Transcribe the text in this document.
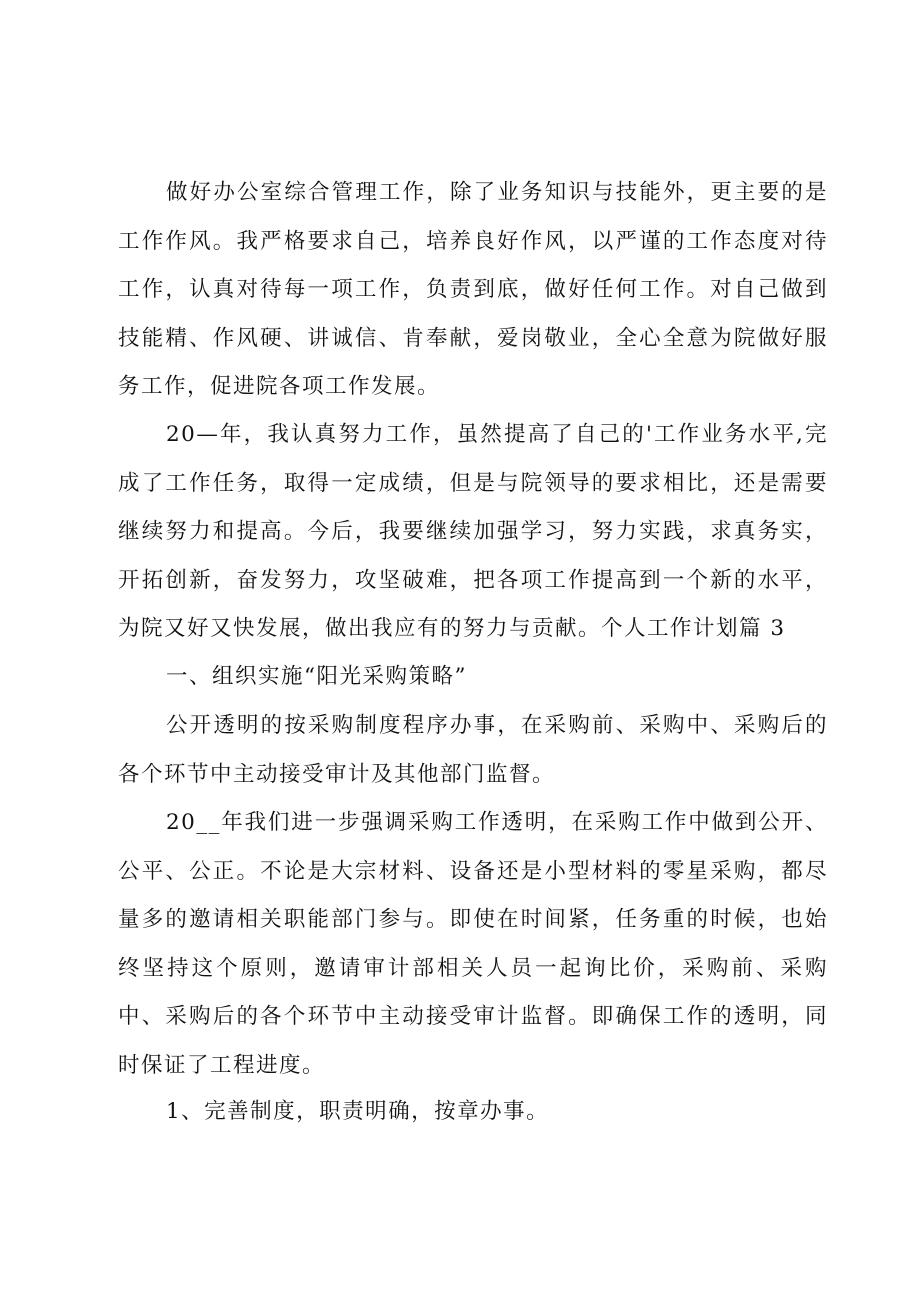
做好办公室综合管理工作，除了业务知识与技能外，更主要的是工作作风。我严格要求自己，培养良好作风，以严谨的工作态度对待工作，认真对待每一项工作，负责到底，做好任何工作。对自己做到技能精、作风硬、讲诚信、肯奉献，爱岗敬业，全心全意为院做好服务工作，促进院各项工作发展。

20—年，我认真努力工作，虽然提高了自己的'工作业务水平,完成了工作任务，取得一定成绩，但是与院领导的要求相比，还是需要继续努力和提高。今后，我要继续加强学习，努力实践，求真务实，开拓创新，奋发努力，攻坚破难，把各项工作提高到一个新的水平，为院又好又快发展，做出我应有的努力与贡献。个人工作计划篇 3

一、组织实施“阳光采购策略”

公开透明的按采购制度程序办事，在采购前、采购中、采购后的各个环节中主动接受审计及其他部门监督。

20__年我们进一步强调采购工作透明，在采购工作中做到公开、公平、公正。不论是大宗材料、设备还是小型材料的零星采购，都尽量多的邀请相关职能部门参与。即使在时间紧，任务重的时候，也始终坚持这个原则，邀请审计部相关人员一起询比价，采购前、采购中、采购后的各个环节中主动接受审计监督。即确保工作的透明，同时保证了工程进度。

1、完善制度，职责明确，按章办事。
